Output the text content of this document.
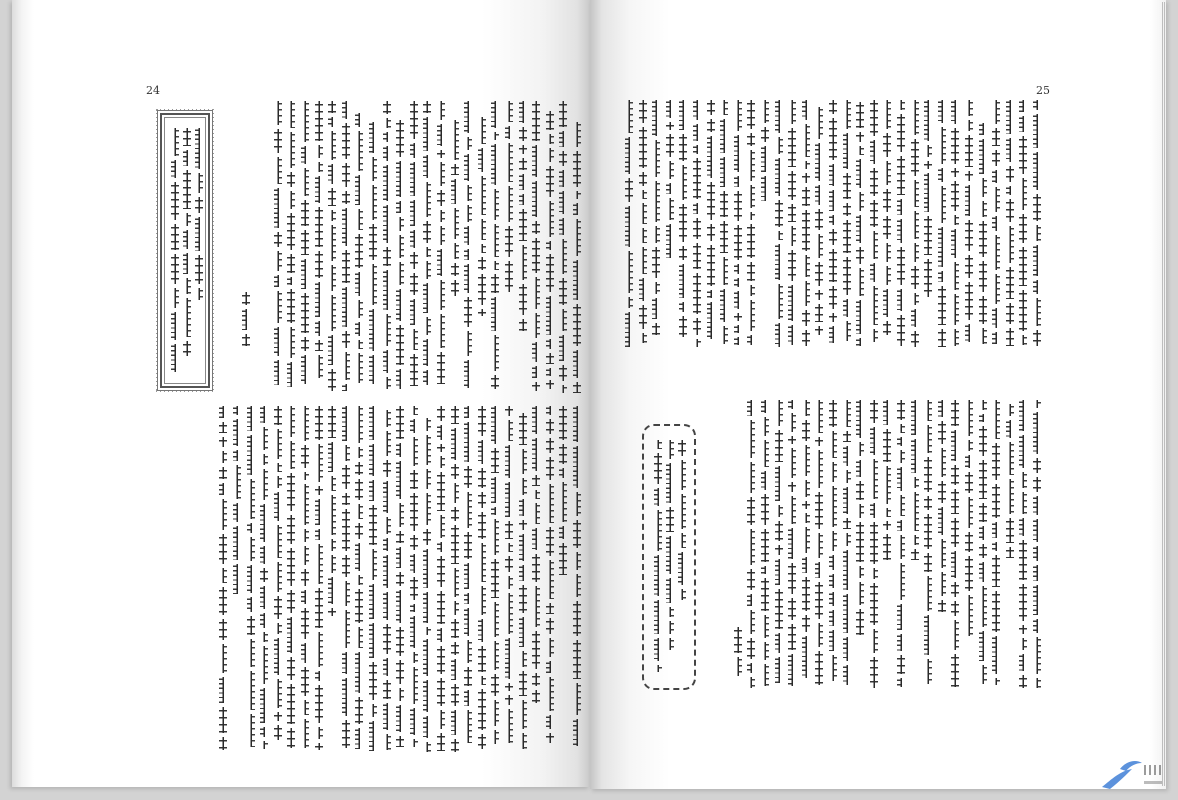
24	25
